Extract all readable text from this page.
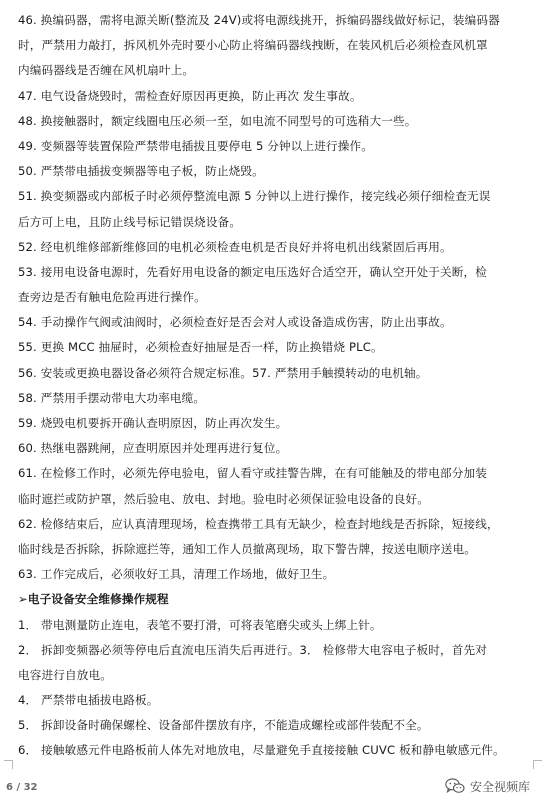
46. 换编码器，需将电源关断(整流及 24V)或将电源线挑开，拆编码器线做好标记，装编码器
时，严禁用力敲打，拆风机外壳时要小心防止将编码器线拽断，在装风机后必须检查风机罩
内编码器线是否缠在风机扇叶上。
47. 电气设备烧毁时，需检查好原因再更换，防止再次 发生事故。
48. 换接触器时，额定线圈电压必须一至，如电流不同型号的可选稍大一些。
49. 变频器等装置保险严禁带电插拔且要停电 5 分钟以上进行操作。
50. 严禁带电插拔变频器等电子板，防止烧毁。
51. 换变频器或内部板子时必须停整流电源 5 分钟以上进行操作，接完线必须仔细检查无误
后方可上电，且防止线号标记错误烧设备。
52. 经电机维修部新维修回的电机必须检查电机是否良好并将电机出线紧固后再用。
53. 接用电设备电源时，先看好用电设备的额定电压选好合适空开，确认空开处于关断，检
查旁边是否有触电危险再进行操作。
54. 手动操作气阀或油阀时，必须检查好是否会对人或设备造成伤害，防止出事故。
55. 更换 MCC 抽屉时，必须检查好抽屉是否一样，防止换错烧 PLC。
56. 安装或更换电器设备必须符合规定标准。57. 严禁用手触摸转动的电机轴。
58. 严禁用手摆动带电大功率电缆。
59. 烧毁电机要拆开确认查明原因，防止再次发生。
60. 热继电器跳闸，应查明原因并处理再进行复位。
61. 在检修工作时，必须先停电验电，留人看守或挂警告牌，在有可能触及的带电部分加装
临时遮拦或防护罩，然后验电、放电、封地。验电时必须保证验电设备的良好。
62. 检修结束后，应认真清理现场，检查携带工具有无缺少，检查封地线是否拆除，短接线，
临时线是否拆除，拆除遮拦等，通知工作人员撤离现场，取下警告牌，按送电顺序送电。
63. 工作完成后，必须收好工具，清理工作场地，做好卫生。
➢电子设备安全维修操作规程
1． 带电测量防止连电，表笔不要打滑，可将表笔磨尖或头上绑上针。
2． 拆卸变频器必须等停电后直流电压消失后再进行。3． 检修带大电容电子板时，首先对
电容进行自放电。
4． 严禁带电插拔电路板。
5． 拆卸设备时确保螺栓、设备部件摆放有序，不能造成螺栓或部件装配不全。
6． 接触敏感元件电路板前人体先对地放电，尽量避免手直接接触 CUVC 板和静电敏感元件。
6 / 32	安全视频库
